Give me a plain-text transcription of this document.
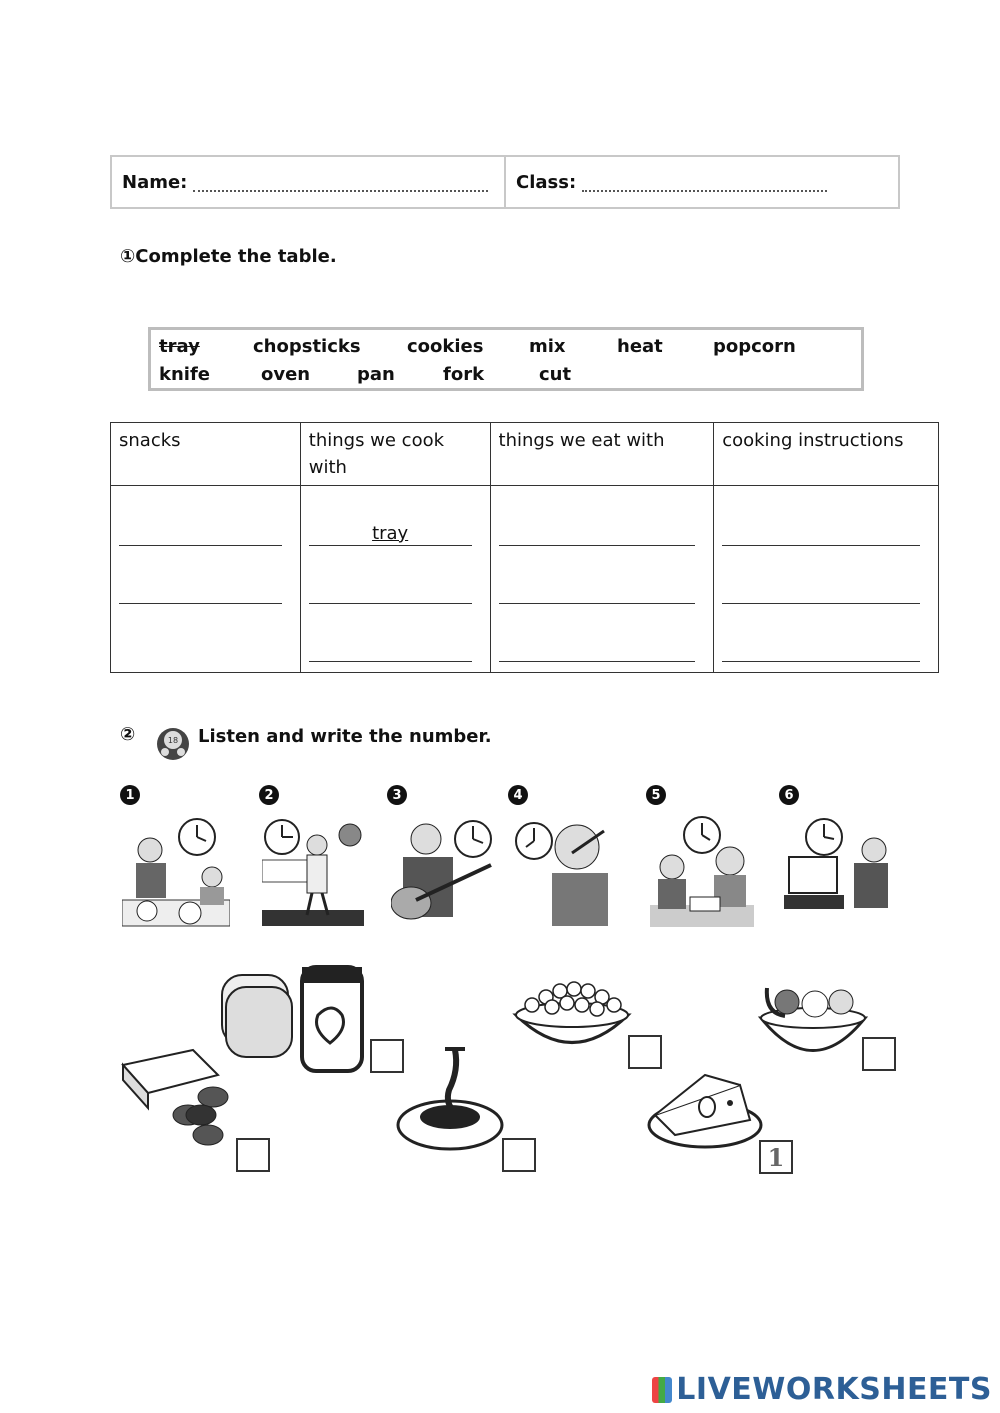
Name:	Class:
①Complete the table.
tray	chopsticks	cookies	mix	heat	popcorn
knife	oven	pan	fork	cut
snacks	things we cook with	things we eat with	cooking instructions

	tray		

②	18 Listen and write the number.
1	2	3	4	5	6
1
LIVEWORKSHEETS
